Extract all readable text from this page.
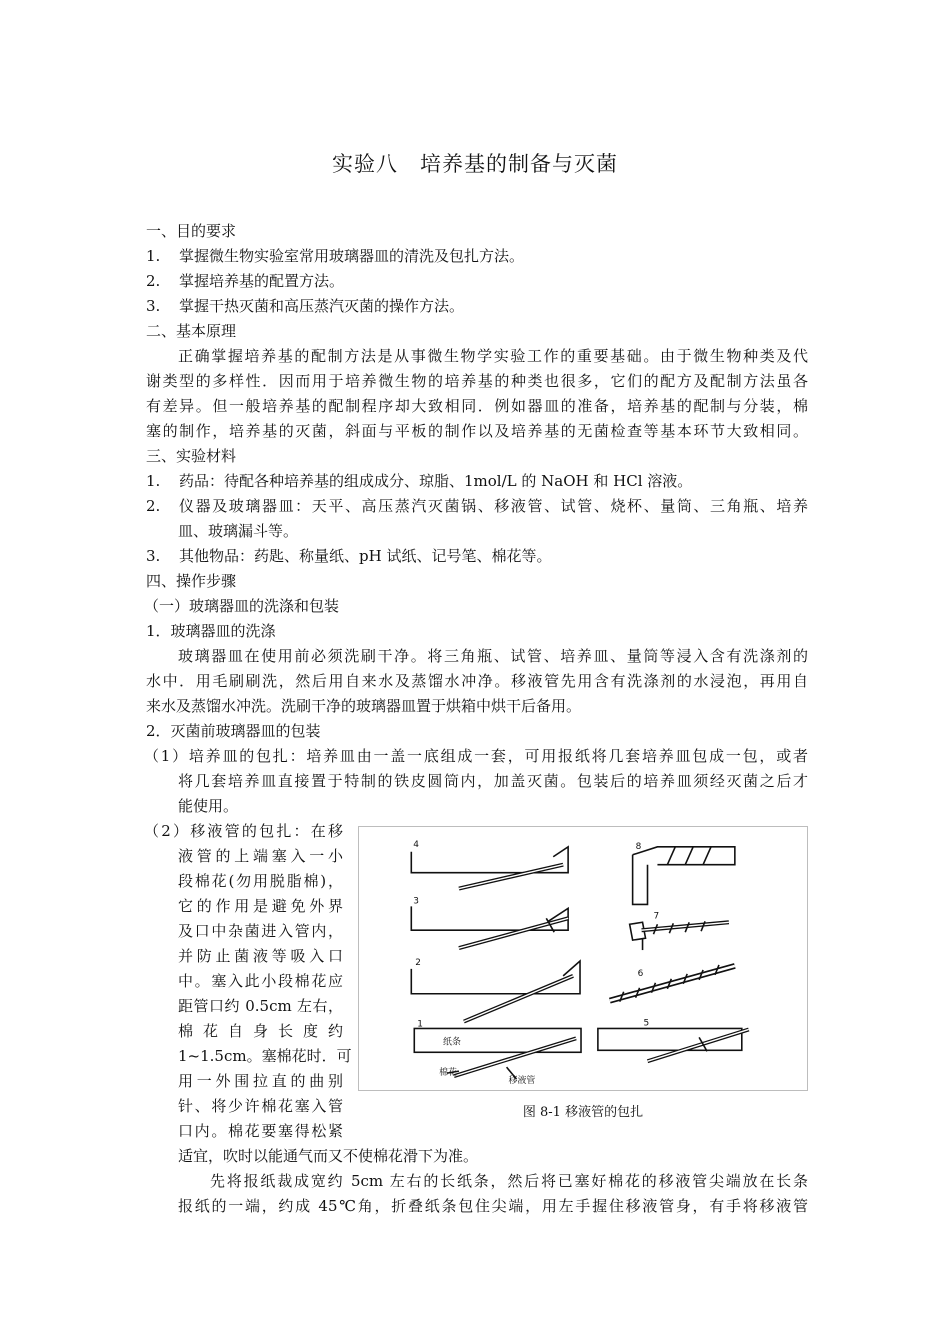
实验八　培养基的制备与灭菌
一、目的要求
1. 掌握微生物实验室常用玻璃器皿的清洗及包扎方法。
2. 掌握培养基的配置方法。
3. 掌握干热灭菌和高压蒸汽灭菌的操作方法。
二、基本原理
正确掌握培养基的配制方法是从事微生物学实验工作的重要基础。由于微生物种类及代
谢类型的多样性．因而用于培养微生物的培养基的种类也很多，它们的配方及配制方法虽各
有差异。但一般培养基的配制程序却大致相同．例如器皿的准备，培养基的配制与分装，棉
塞的制作，培养基的灭菌，斜面与平板的制作以及培养基的无菌检查等基本环节大致相同。
三、实验材料
1. 药品：待配各种培养基的组成成分、琼脂、1mol/L 的 NaOH 和 HCl 溶液。
2. 仪器及玻璃器皿：天平、高压蒸汽灭菌锅、移液管、试管、烧杯、量筒、三角瓶、培养
皿、玻璃漏斗等。
3. 其他物品：药匙、称量纸、pH 试纸、记号笔、棉花等。
四、操作步骤
（一）玻璃器皿的洗涤和包装
1．玻璃器皿的洗涤
玻璃器皿在使用前必须洗刷干净。将三角瓶、试管、培养皿、量筒等浸入含有洗涤剂的
水中．用毛刷刷洗，然后用自来水及蒸馏水冲净。移液管先用含有洗涤剂的水浸泡，再用自
来水及蒸馏水冲洗。洗刷干净的玻璃器皿置于烘箱中烘干后备用。
2．灭菌前玻璃器皿的包装
（1）培养皿的包扎：培养皿由一盖一底组成一套，可用报纸将几套培养皿包成一包，或者
将几套培养皿直接置于特制的铁皮圆筒内，加盖灭菌。包装后的培养皿须经灭菌之后才
能使用。
（2）移液管的包扎：在移
液管的上端塞入一小
段棉花(勿用脱脂棉)，
它的作用是避免外界
及口中杂菌进入管内，
并防止菌液等吸入口
中。塞入此小段棉花应
距管口约 0.5cm 左右，
棉 花 自 身 长 度 约
1~1.5cm。塞棉花时．可
用一外围拉直的曲别
针、将少许棉花塞入管
口内。棉花要塞得松紧
适宜，吹时以能通气而又不使棉花滑下为准。
先将报纸裁成宽约 5cm 左右的长纸条，然后将已塞好棉花的移液管尖端放在长条
报纸的一端，约成 45℃角，折叠纸条包住尖端，用左手握住移液管身，有手将移液管
4
3
2
1
8
7
6
5
纸条
棉花
移液管
图 8-1 移液管的包扎
